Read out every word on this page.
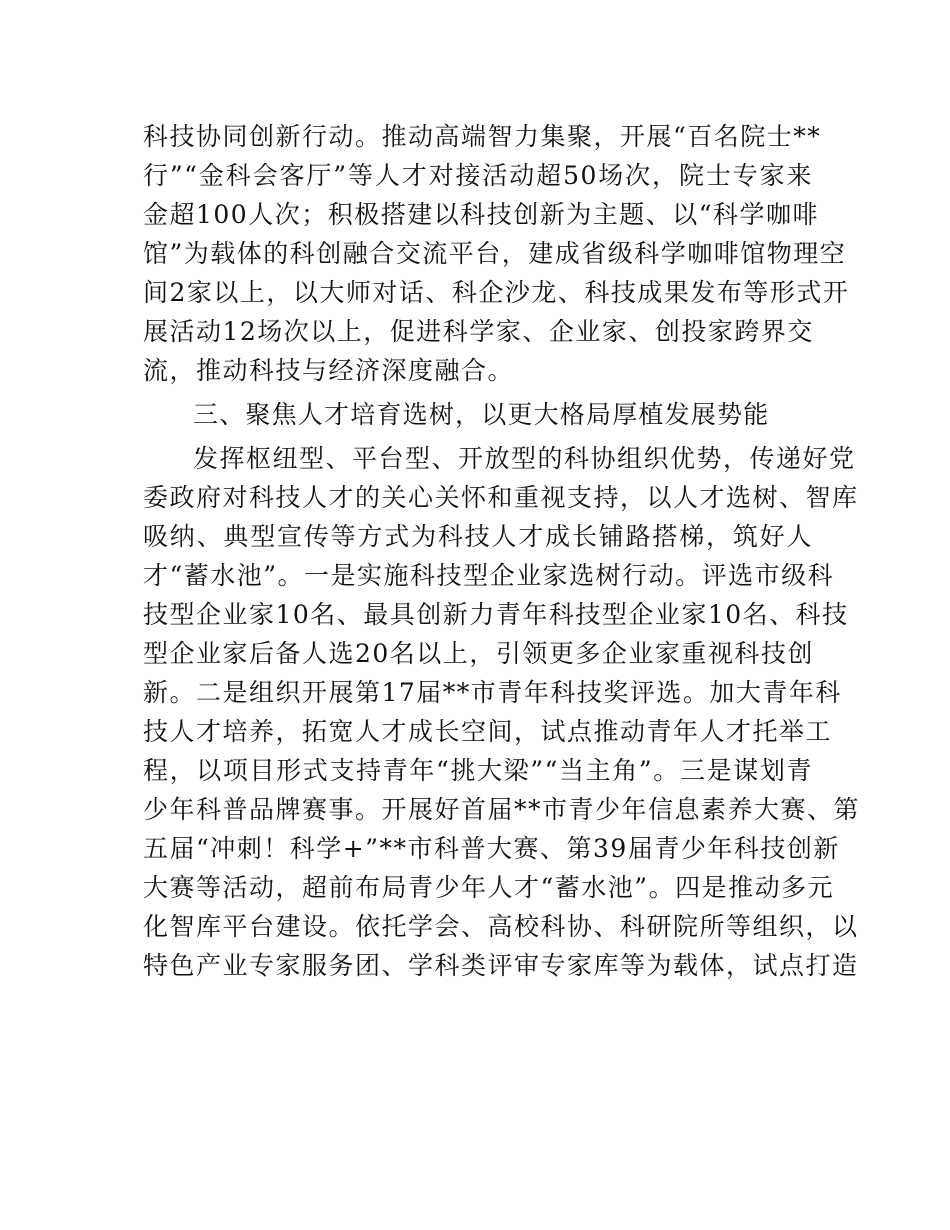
科技协同创新行动。推动高端智力集聚，开展“百名院士**
行”“金科会客厅”等人才对接活动超50场次，院士专家来
金超100人次；积极搭建以科技创新为主题、以“科学咖啡
馆”为载体的科创融合交流平台，建成省级科学咖啡馆物理空
间2家以上，以大师对话、科企沙龙、科技成果发布等形式开
展活动12场次以上，促进科学家、企业家、创投家跨界交
流，推动科技与经济深度融合。
三、聚焦人才培育选树，以更大格局厚植发展势能
发挥枢纽型、平台型、开放型的科协组织优势，传递好党
委政府对科技人才的关心关怀和重视支持，以人才选树、智库
吸纳、典型宣传等方式为科技人才成长铺路搭梯，筑好人
才“蓄水池”。一是实施科技型企业家选树行动。评选市级科
技型企业家10名、最具创新力青年科技型企业家10名、科技
型企业家后备人选20名以上，引领更多企业家重视科技创
新。二是组织开展第17届**市青年科技奖评选。加大青年科
技人才培养，拓宽人才成长空间，试点推动青年人才托举工
程，以项目形式支持青年“挑大梁”“当主角”。三是谋划青
少年科普品牌赛事。开展好首届**市青少年信息素养大赛、第
五届“冲刺！科学+”**市科普大赛、第39届青少年科技创新
大赛等活动，超前布局青少年人才“蓄水池”。四是推动多元
化智库平台建设。依托学会、高校科协、科研院所等组织，以
特色产业专家服务团、学科类评审专家库等为载体，试点打造
